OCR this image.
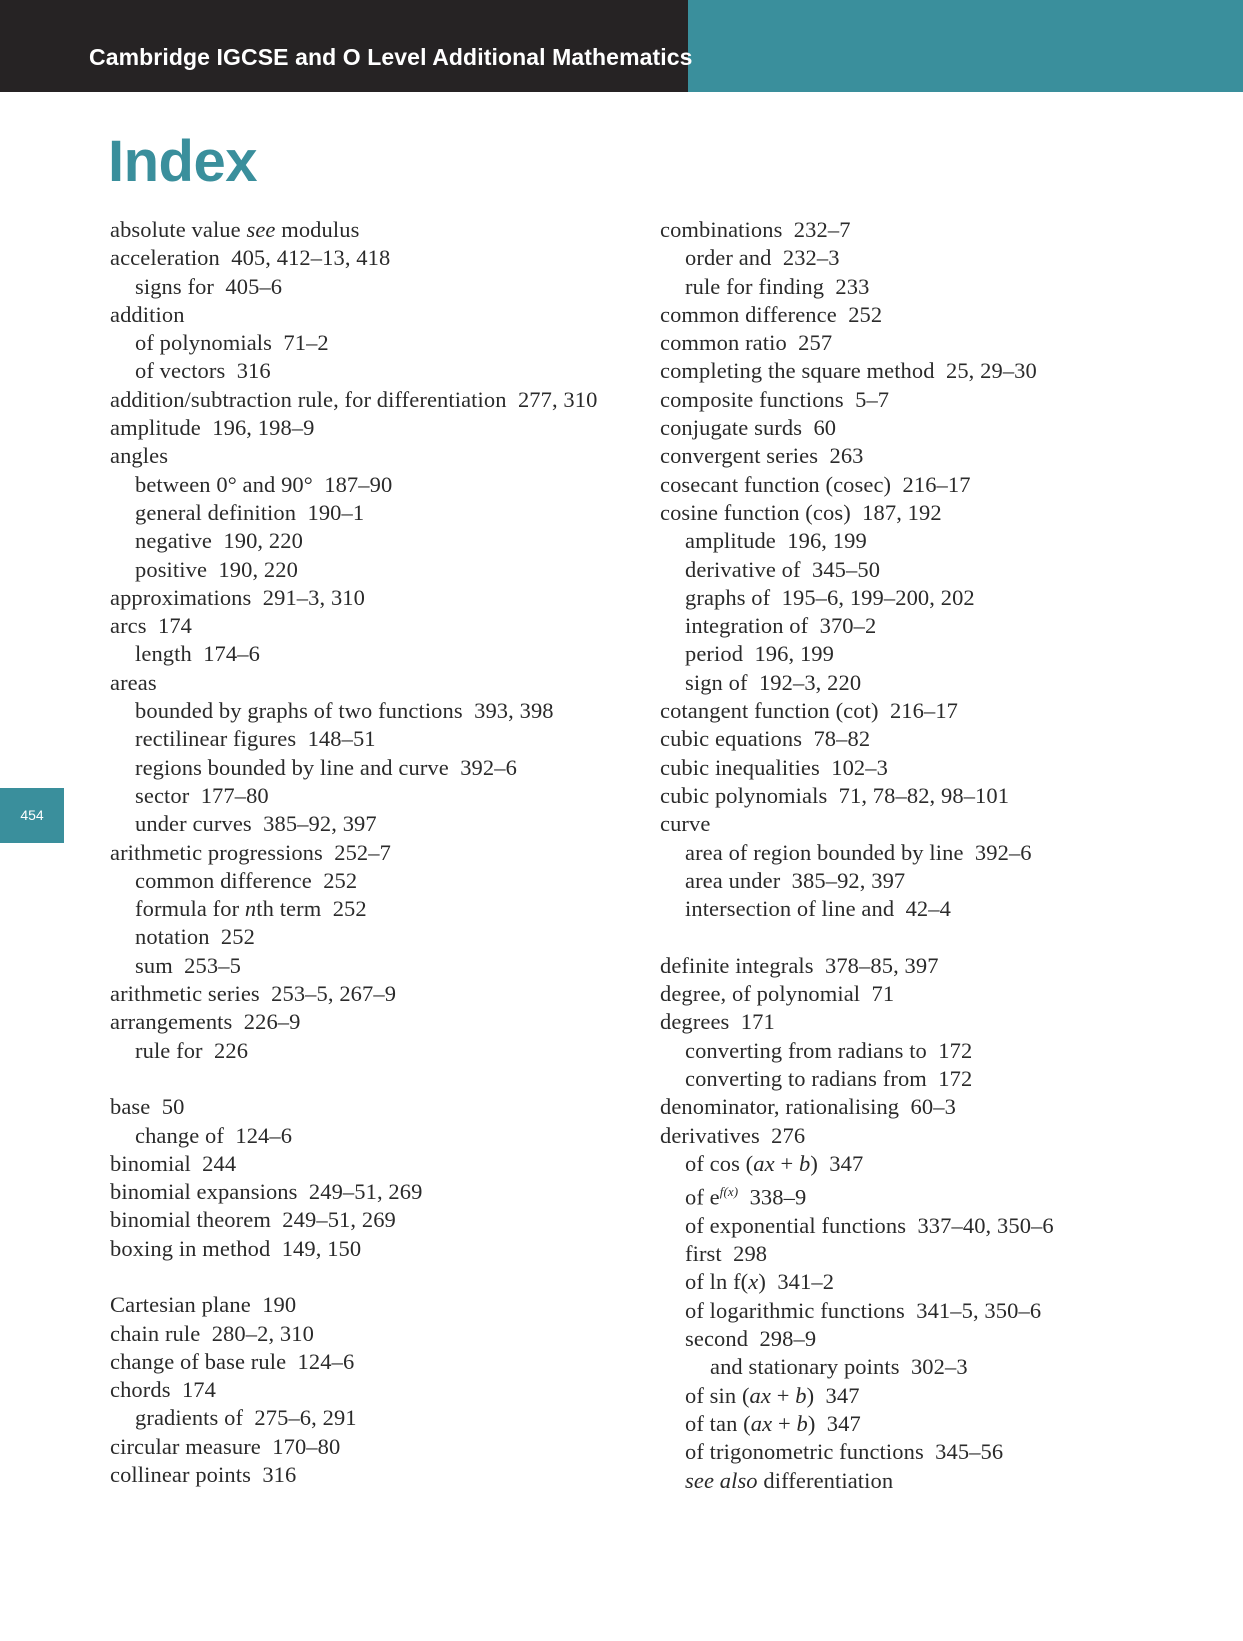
Cambridge IGCSE and O Level Additional Mathematics
Index
454
absolute value see modulus
acceleration  405, 412–13, 418
signs for  405–6
addition
of polynomials  71–2
of vectors  316
addition/subtraction rule, for differentiation  277, 310
amplitude  196, 198–9
angles
between 0° and 90°  187–90
general definition  190–1
negative  190, 220
positive  190, 220
approximations  291–3, 310
arcs  174
length  174–6
areas
bounded by graphs of two functions  393, 398
rectilinear figures  148–51
regions bounded by line and curve  392–6
sector  177–80
under curves  385–92, 397
arithmetic progressions  252–7
common difference  252
formula for nth term  252
notation  252
sum  253–5
arithmetic series  253–5, 267–9
arrangements  226–9
rule for  226
base  50
change of  124–6
binomial  244
binomial expansions  249–51, 269
binomial theorem  249–51, 269
boxing in method  149, 150
Cartesian plane  190
chain rule  280–2, 310
change of base rule  124–6
chords  174
gradients of  275–6, 291
circular measure  170–80
collinear points  316
combinations  232–7
order and  232–3
rule for finding  233
common difference  252
common ratio  257
completing the square method  25, 29–30
composite functions  5–7
conjugate surds  60
convergent series  263
cosecant function (cosec)  216–17
cosine function (cos)  187, 192
amplitude  196, 199
derivative of  345–50
graphs of  195–6, 199–200, 202
integration of  370–2
period  196, 199
sign of  192–3, 220
cotangent function (cot)  216–17
cubic equations  78–82
cubic inequalities  102–3
cubic polynomials  71, 78–82, 98–101
curve
area of region bounded by line  392–6
area under  385–92, 397
intersection of line and  42–4
definite integrals  378–85, 397
degree, of polynomial  71
degrees  171
converting from radians to  172
converting to radians from  172
denominator, rationalising  60–3
derivatives  276
of cos (ax + b)  347
of $e^{f(x)}$  338–9
of exponential functions  337–40, 350–6
first  298
of ln f(x)  341–2
of logarithmic functions  341–5, 350–6
second  298–9
and stationary points  302–3
of sin (ax + b)  347
of tan (ax + b)  347
of trigonometric functions  345–56
see also differentiation
